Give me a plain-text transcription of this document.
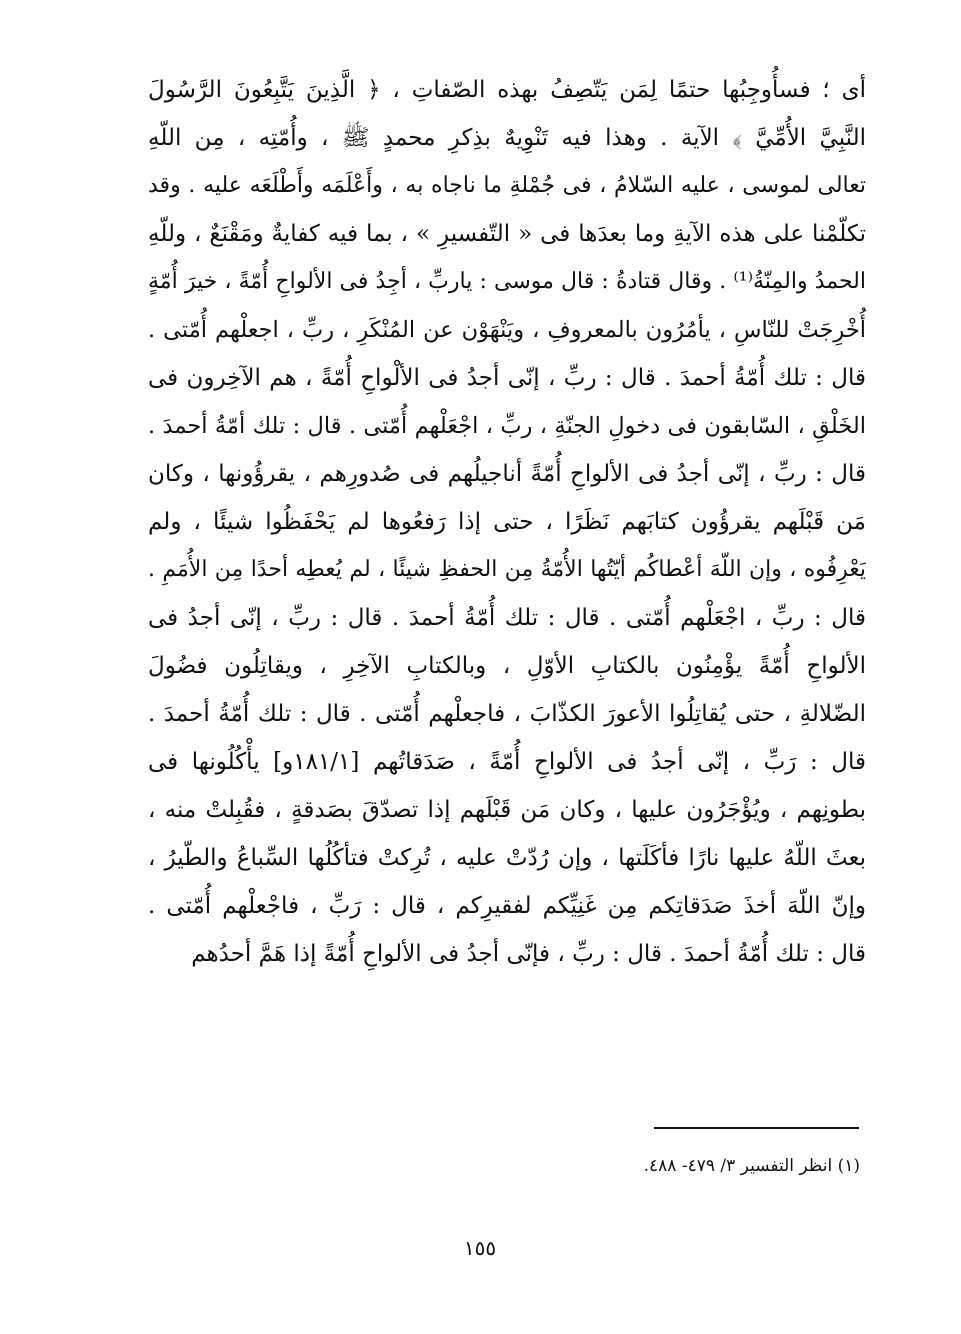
أى ؛ فسأُوجِبُها حتمًا لِمَن يَتّصِفُ بهذه الصّفاتِ ، ﴿ الَّذِينَ يَتَّبِعُونَ الرَّسُولَ
النَّبِيَّ الأُمِّيَّ ﴾ الآية . وهذا فيه تَنْوِيهٌ بذِكرِ محمدٍ ﷺ ، وأُمّتِه ، مِن اللّهِ
تعالى لموسى ، عليه السّلامُ ، فى جُمْلةِ ما ناجاه به ، وأَعْلَمَه وأَطْلَعَه عليه . وقد
تكلّمْنا على هذه الآيةِ وما بعدَها فى « التّفسيرِ » ، بما فيه كفايةٌ ومَقْنَعٌ ، وللّهِ
الحمدُ والمِنّةُ⁽¹⁾ . وقال قتادةُ : قال موسى : ياربِّ ، أجِدُ فى الألواحِ أُمّةً ، خيرَ أُمّةٍ
أُخْرِجَتْ للنّاسِ ، يأمُرُون بالمعروفِ ، ويَنْهَوْن عن المُنْكَرِ ، ربِّ ، اجعلْهم أُمّتى .
قال : تلك أُمّةُ أحمدَ . قال : ربِّ ، إنّى أجدُ فى الألْواحِ أُمّةً ، هم الآخِرون فى
الخَلْقِ ، السّابقون فى دخولِ الجنّةِ ، ربِّ ، اجْعَلْهم أُمّتى . قال : تلك أمّةُ أحمدَ .
قال : ربِّ ، إنّى أجدُ فى الألواحِ أُمّةً أناجيلُهم فى صُدورِهم ، يقرؤُونها ، وكان
مَن قَبْلَهم يقرؤُون كتابَهم نَظَرًا ، حتى إذا رَفعُوها لم يَحْفَظُوا شيئًا ، ولم
يَعْرِفُوه ، وإن اللّهَ أعْطاكُم أيّتُها الأُمّةُ مِن الحفظِ شيئًا ، لم يُعطِه أحدًا مِن الأُمَمِ .
قال : ربِّ ، اجْعَلْهم أُمّتى . قال : تلك أُمّةُ أحمدَ . قال : ربِّ ، إنّى أجدُ فى
الألواحِ أُمّةً يؤْمِنُون بالكتابِ الأوّلِ ، وبالكتابِ الآخِرِ ، ويقاتِلُون فضُولَ
الضّلالةِ ، حتى يُقاتِلُوا الأعورَ الكذّابَ ، فاجعلْهم أُمّتى . قال : تلك أُمّةُ أحمدَ .
قال : رَبِّ ، إنّى أجدُ فى الألواحِ أُمّةً ، صَدَقاتُهم [١٨١/١و] يأْكُلُونها فى
بطونِهم ، ويُؤْجَرُون عليها ، وكان مَن قَبْلَهم إذا تصدّقَ بصَدقةٍ ، فقُبِلتْ منه ،
بعثَ اللّهُ عليها نارًا فأكَلَتها ، وإن رُدّتْ عليه ، تُرِكتْ فتأكُلُها السِّباعُ والطّيرُ ،
وإنّ اللّهَ أخذَ صَدَقاتِكم مِن غَنِيِّكم لفقيرِكم ، قال : رَبِّ ، فاجْعلْهم أُمّتى .
قال : تلك أُمّةُ أحمدَ . قال : ربِّ ، فإنّى أجدُ فى الألواحِ أُمّةً إذا هَمَّ أحدُهم
(١) انظر التفسير ٣/ ٤٧٩- ٤٨٨.
١٥٥
